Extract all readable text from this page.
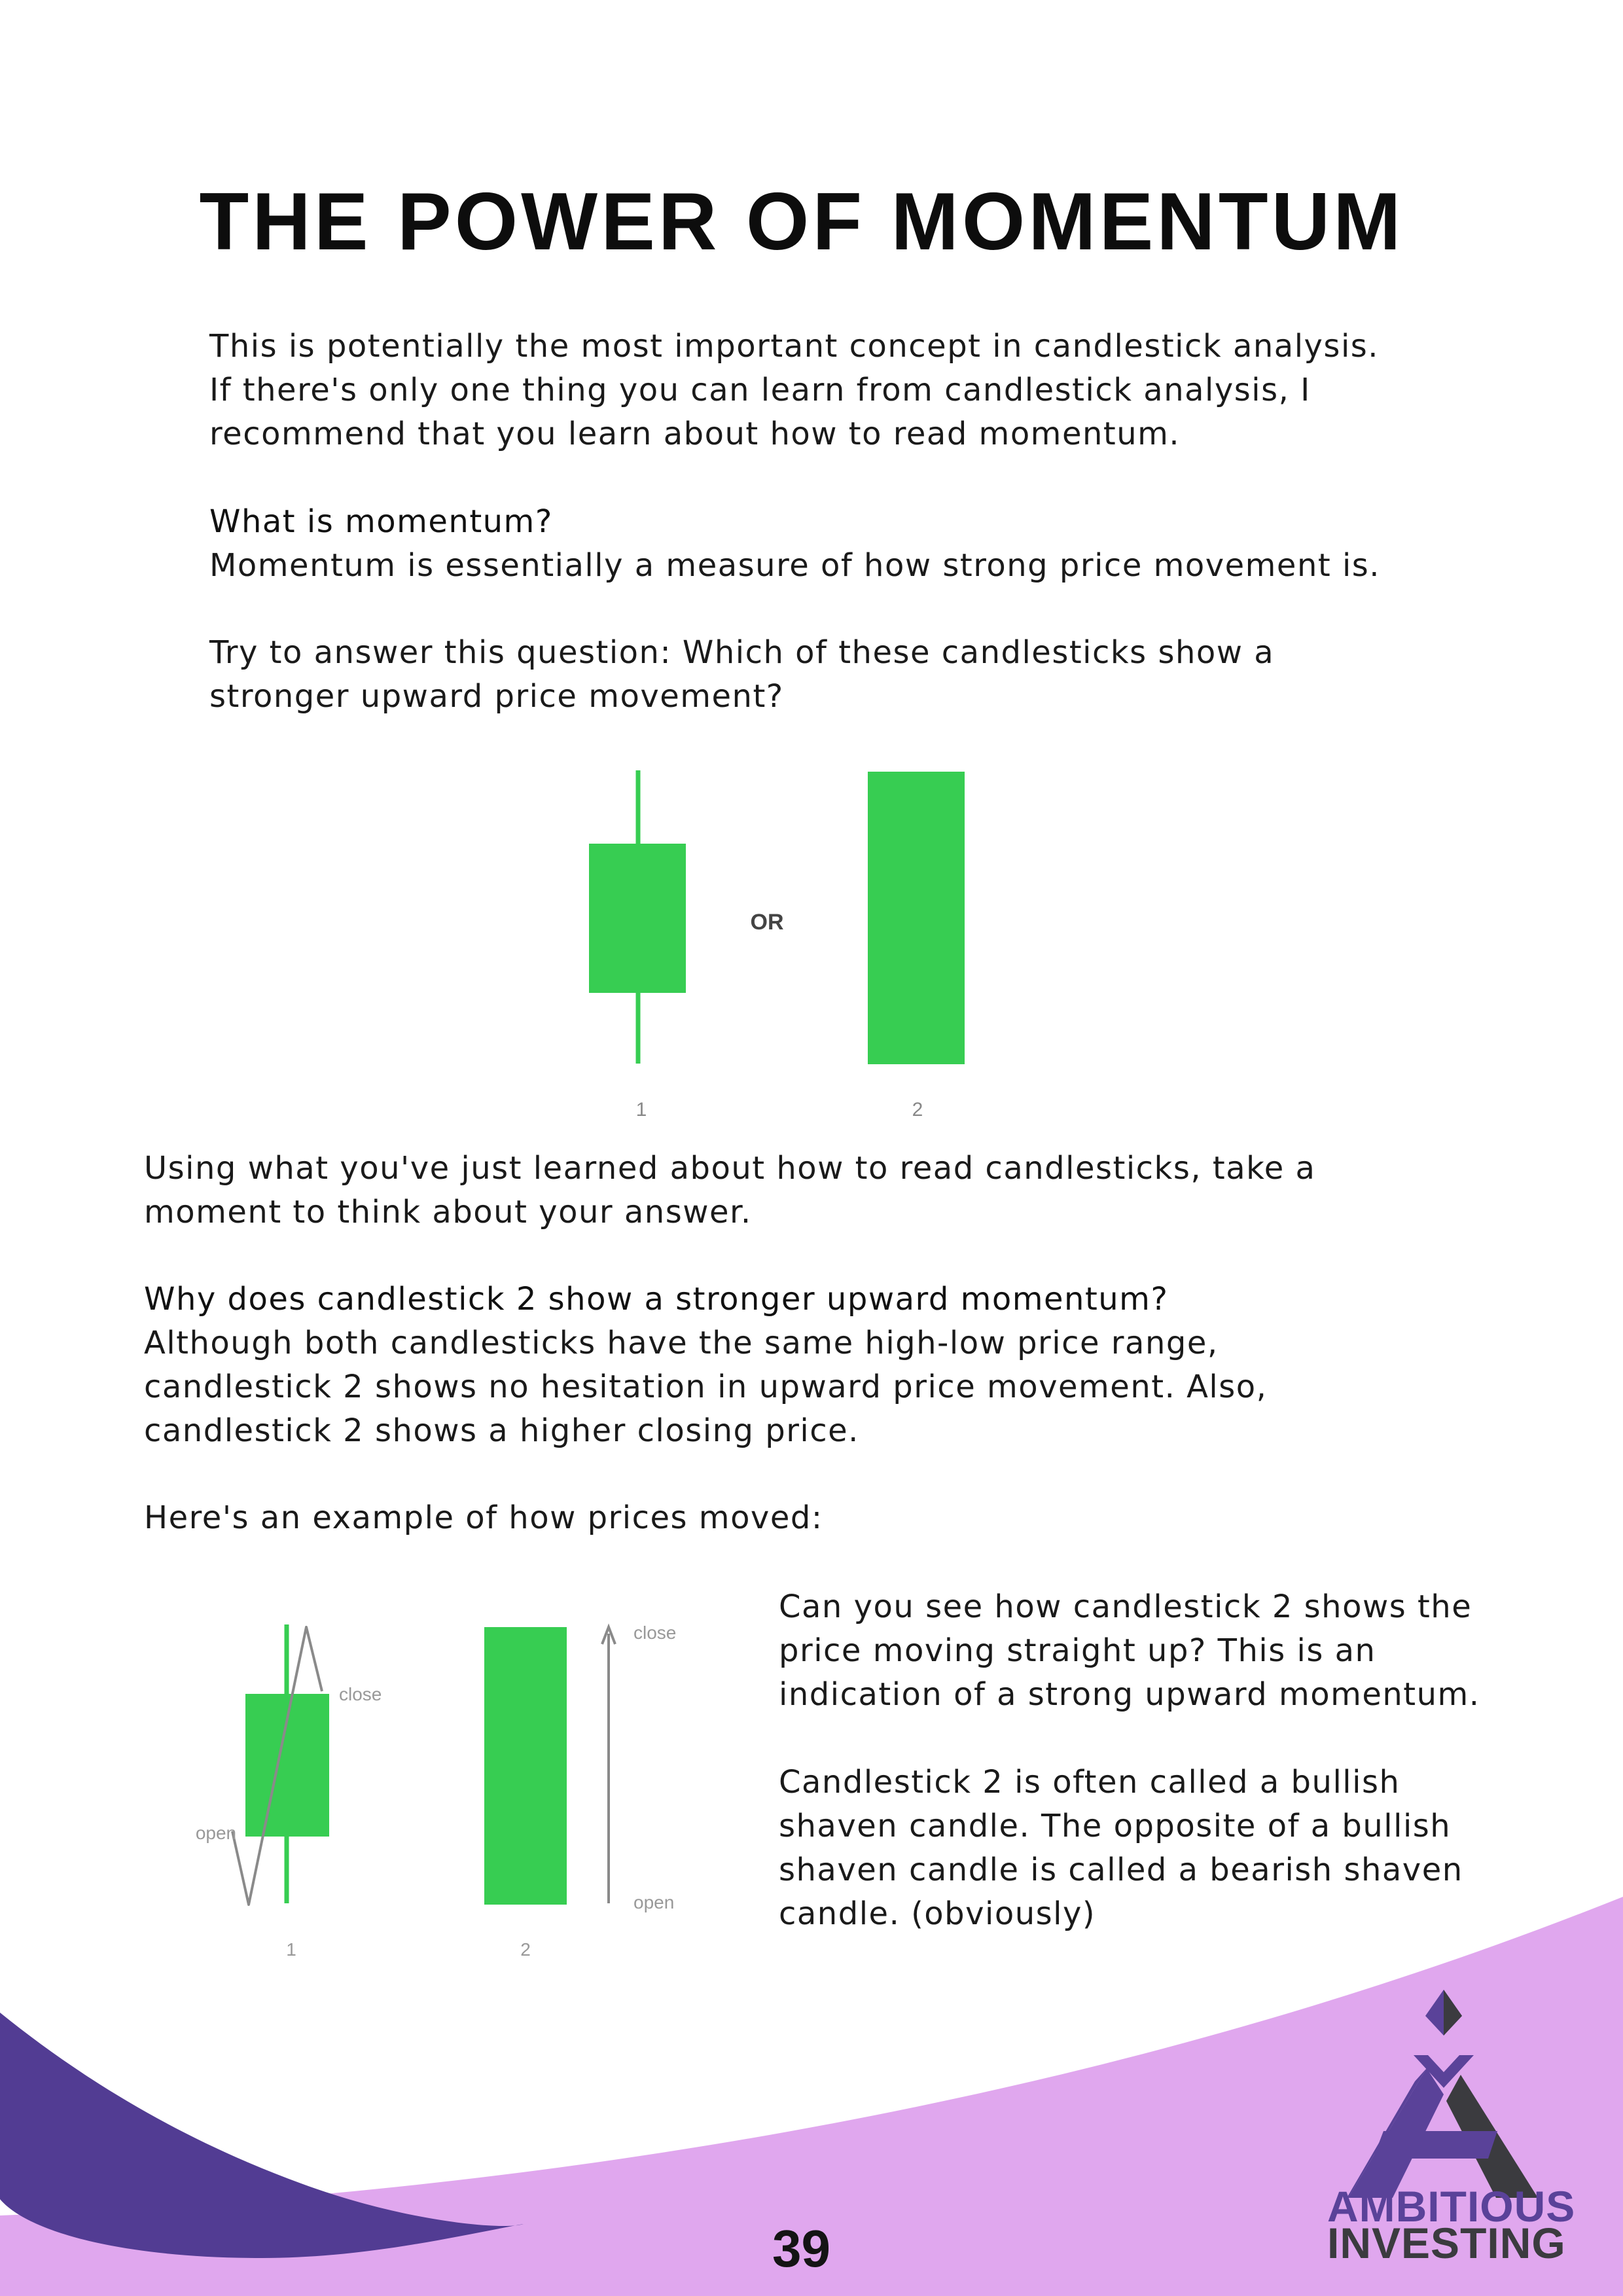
THE POWER OF MOMENTUM

This is potentially the most important concept in candlestick analysis.
If there's only one thing you can learn from candlestick analysis, I
recommend that you learn about how to read momentum.

What is momentum?
Momentum is essentially a measure of how strong price movement is.

Try to answer this question: Which of these candlesticks show a
stronger upward price movement?

OR
1	2

Using what you've just learned about how to read candlesticks, take a
moment to think about your answer.

Why does candlestick 2 show a stronger upward momentum?
Although both candlesticks have the same high-low price range,
candlestick 2 shows no hesitation in upward price movement. Also,
candlestick 2 shows a higher closing price.

Here's an example of how prices moved:

open
close
close
open
1	2

Can you see how candlestick 2 shows the
price moving straight up? This is an
indication of a strong upward momentum.

Candlestick 2 is often called a bullish
shaven candle. The opposite of a bullish
shaven candle is called a bearish shaven
candle. (obviously)

39
AMBITIOUS
INVESTING
